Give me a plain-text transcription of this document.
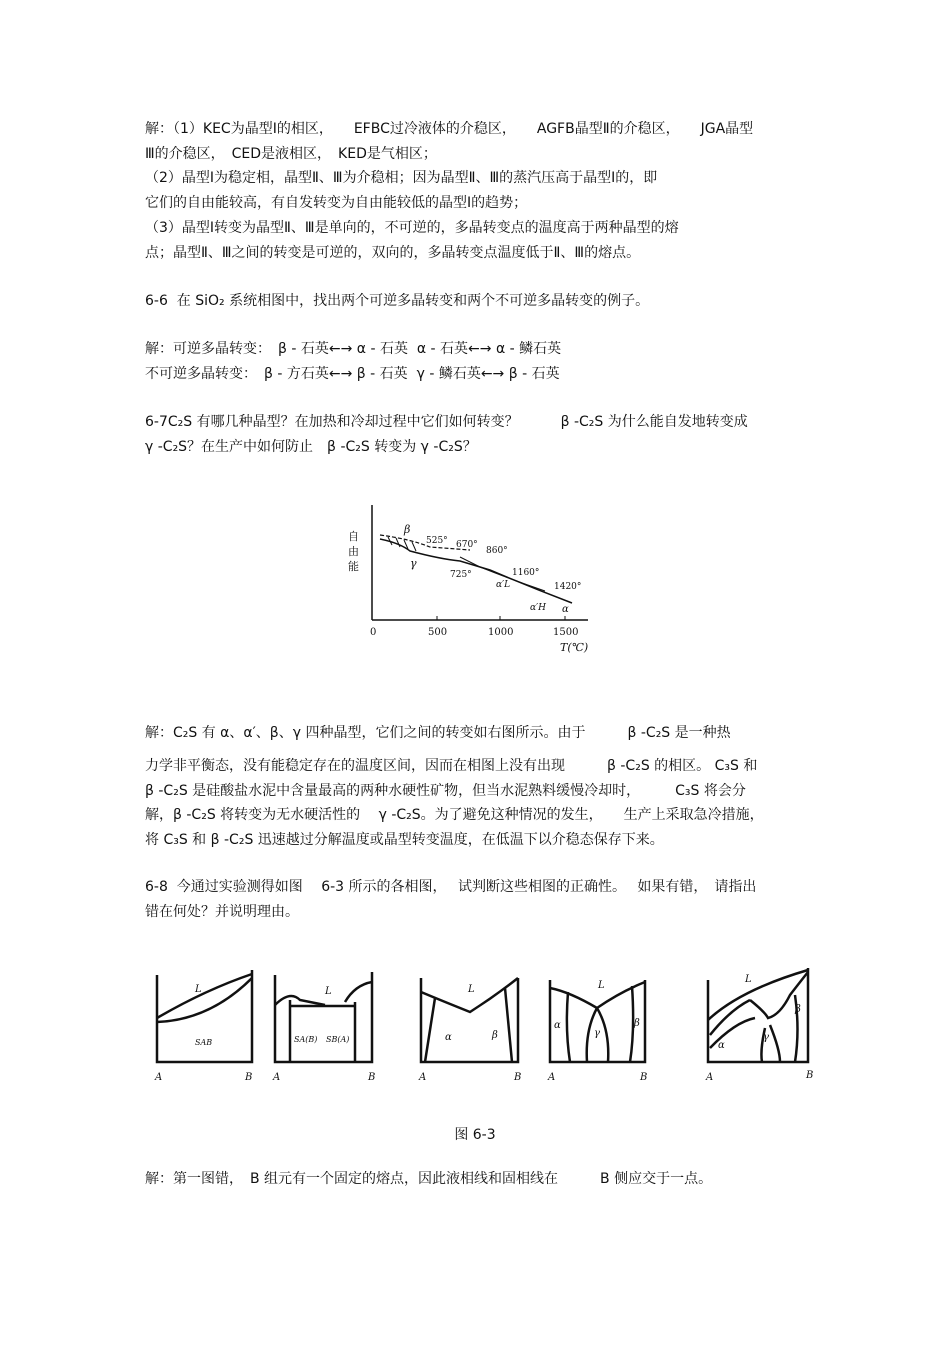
解：（1）KEC为晶型Ⅰ的相区，　　EFBC过冷液体的介稳区，　　AGFB晶型Ⅱ的介稳区，　　JGA晶型
Ⅲ的介稳区，　CED是液相区，　KED是气相区；
（2）晶型Ⅰ为稳定相，晶型Ⅱ、Ⅲ为介稳相；因为晶型Ⅱ、Ⅲ的蒸汽压高于晶型Ⅰ的，即
它们的自由能较高，有自发转变为自由能较低的晶型Ⅰ的趋势；
（3）晶型Ⅰ转变为晶型Ⅱ、Ⅲ是单向的，不可逆的，多晶转变点的温度高于两种晶型的熔
点；晶型Ⅱ、Ⅲ之间的转变是可逆的，双向的，多晶转变点温度低于Ⅱ、Ⅲ的熔点。
6-6  在 SiO₂ 系统相图中，找出两个可逆多晶转变和两个不可逆多晶转变的例子。
解：可逆多晶转变：　β - 石英←→ α - 石英  α - 石英←→ α - 鳞石英
不可逆多晶转变：　β - 方石英←→ β - 石英  γ - 鳞石英←→ β - 石英
6-7C₂S 有哪几种晶型？在加热和冷却过程中它们如何转变？　　　β -C₂S 为什么能自发地转变成
γ -C₂S？在生产中如何防止　β -C₂S 转变为 γ -C₂S？
自
由
能
0	500	1000	1500
T(℃)
β
γ
525° 670°
860°
725°	1160°
1420°
α′L
α′H α
解：C₂S 有 α、α′、β、γ 四种晶型，它们之间的转变如右图所示。由于　　　β -C₂S 是一种热
力学非平衡态，没有能稳定存在的温度区间，因而在相图上没有出现　　　β -C₂S 的相区。 C₃S 和
β -C₂S 是硅酸盐水泥中含量最高的两种水硬性矿物，但当水泥熟料缓慢冷却时，　　　C₃S 将会分
解，β -C₂S 将转变为无水硬活性的　 γ -C₂S。为了避免这种情况的发生，　　生产上采取急冷措施，
将 C₃S 和 β -C₂S 迅速越过分解温度或晶型转变温度，在低温下以介稳态保存下来。
6-8  今通过实验测得如图　 6-3 所示的各相图，　 试判断这些相图的正确性。　 如果有错，　请指出
错在何处？并说明理由。
L
SAB
A	B
L
SA(B) SB(A)
A	B
L
α	β
A	B
L
α
γ
β
A	B
L
α
γ
β
A	B
图 6-3
解：第一图错，　B 组元有一个固定的熔点，因此液相线和固相线在　　　B 侧应交于一点。
